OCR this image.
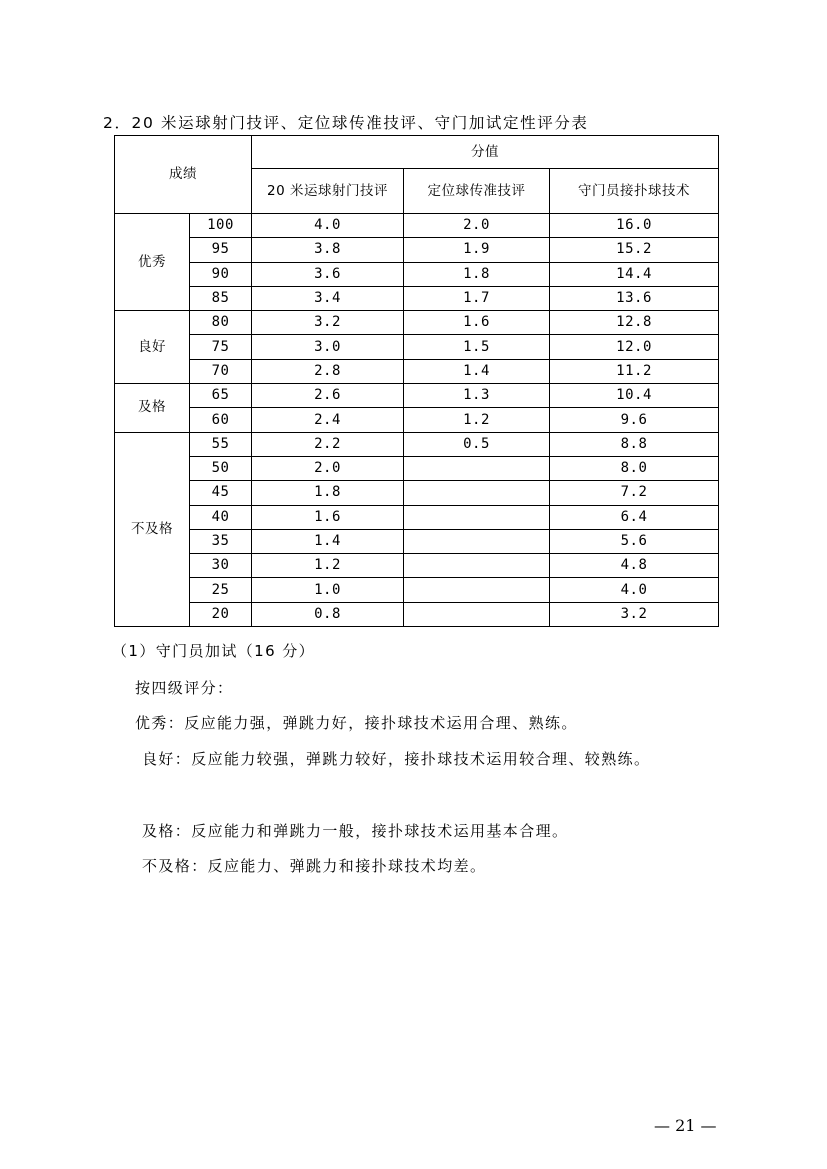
2．20 米运球射门技评、定位球传准技评、守门加试定性评分表
成绩		分值		
		20 米运球射门技评	定位球传准技评	守门员接扑球技术
优秀	100	4.0	2.0	16.0
	95	3.8	1.9	15.2
	90	3.6	1.8	14.4
	85	3.4	1.7	13.6
良好	80	3.2	1.6	12.8
	75	3.0	1.5	12.0
	70	2.8	1.4	11.2
及格	65	2.6	1.3	10.4
	60	2.4	1.2	9.6
不及格	55	2.2	0.5	8.8
	50	2.0		8.0
	45	1.8		7.2
	40	1.6		6.4
	35	1.4		5.6
	30	1.2		4.8
	25	1.0		4.0
	20	0.8		3.2
（1）守门员加试（16 分）
按四级评分：
优秀：反应能力强，弹跳力好，接扑球技术运用合理、熟练。
良好：反应能力较强，弹跳力较好，接扑球技术运用较合理、较熟练。
及格：反应能力和弹跳力一般，接扑球技术运用基本合理。
不及格：反应能力、弹跳力和接扑球技术均差。
— 21 —
